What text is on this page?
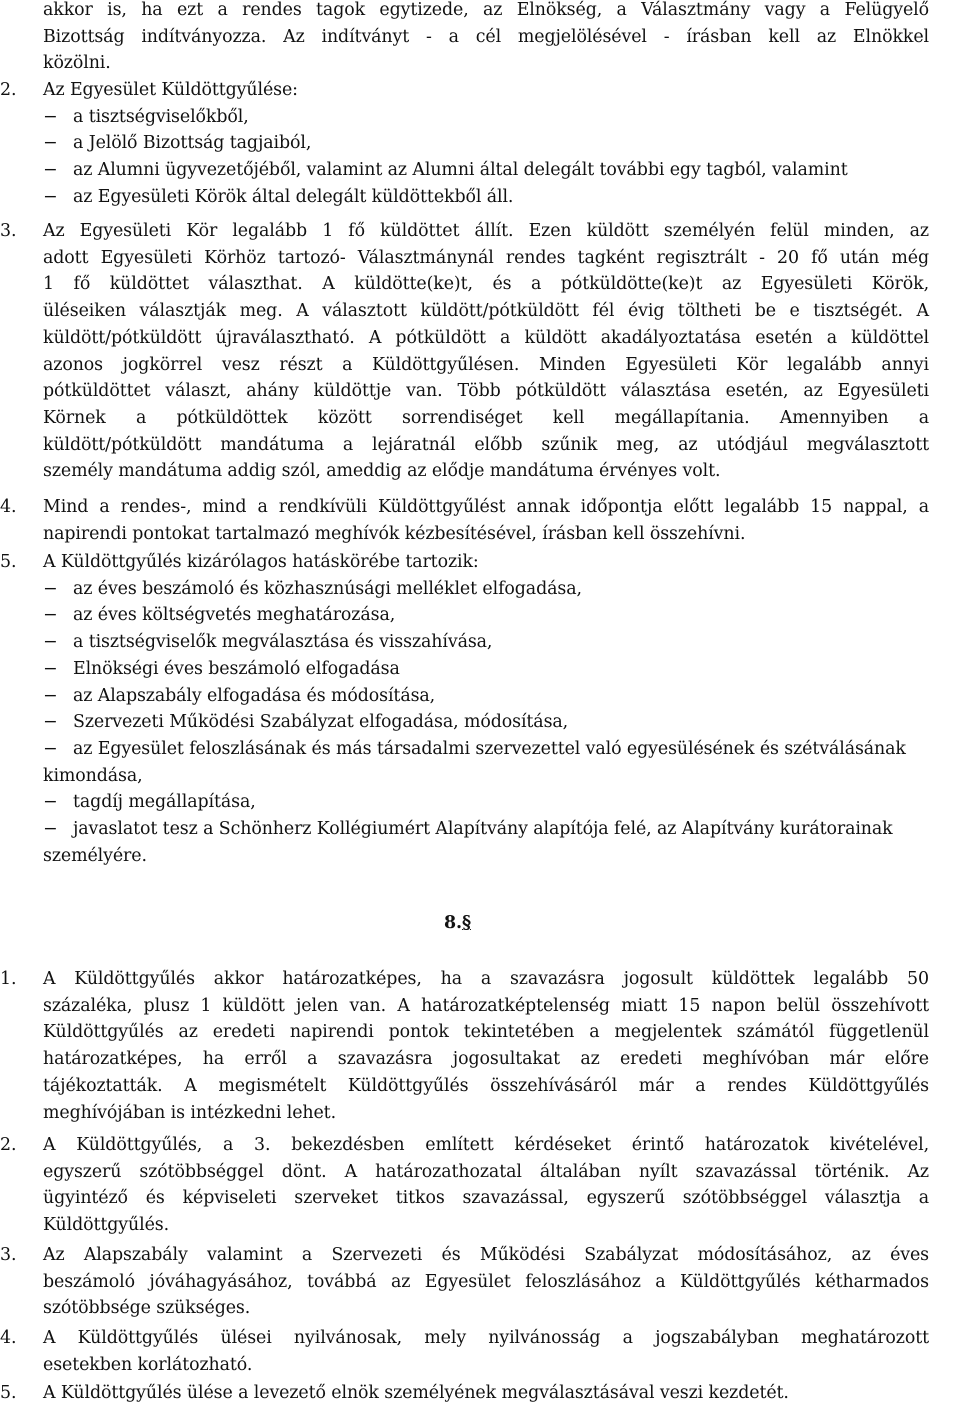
akkor is, ha ezt a rendes tagok egytizede, az Elnökség, a Választmány vagy a Felügyelő
Bizottság indítványozza. Az indítványt - a cél megjelölésével - írásban kell az Elnökkel
közölni.
2.	Az Egyesület Küldöttgyűlése:
− a tisztségviselőkből,
− a Jelölő Bizottság tagjaiból,
− az Alumni ügyvezetőjéből, valamint az Alumni által delegált további egy tagból, valamint
− az Egyesületi Körök által delegált küldöttekből áll.
3.	Az Egyesületi Kör legalább 1 fő küldöttet állít. Ezen küldött személyén felül minden, az
adott Egyesületi Körhöz tartozó- Választmánynál rendes tagként regisztrált - 20 fő után még
1 fő küldöttet választhat. A küldötte(ke)t, és a pótküldötte(ke)t az Egyesületi Körök,
üléseiken választják meg. A választott küldött/pótküldött fél évig töltheti be e tisztségét. A
küldött/pótküldött újraválasztható. A pótküldött a küldött akadályoztatása esetén a küldöttel
azonos jogkörrel vesz részt a Küldöttgyűlésen. Minden Egyesületi Kör legalább annyi
pótküldöttet választ, ahány küldöttje van. Több pótküldött választása esetén, az Egyesületi
Körnek a pótküldöttek között sorrendiséget kell megállapítania. Amennyiben a
küldött/pótküldött mandátuma a lejáratnál előbb szűnik meg, az utódjául megválasztott
személy mandátuma addig szól, ameddig az elődje mandátuma érvényes volt.
4.	Mind a rendes-, mind a rendkívüli Küldöttgyűlést annak időpontja előtt legalább 15 nappal, a
napirendi pontokat tartalmazó meghívók kézbesítésével, írásban kell összehívni.
5.	A Küldöttgyűlés kizárólagos hatáskörébe tartozik:
− az éves beszámoló és közhasznúsági melléklet elfogadása,
− az éves költségvetés meghatározása,
− a tisztségviselők megválasztása és visszahívása,
− Elnökségi éves beszámoló elfogadása
− az Alapszabály elfogadása és módosítása,
− Szervezeti Működési Szabályzat elfogadása, módosítása,
− az Egyesület feloszlásának és más társadalmi szervezettel való egyesülésének és szétválásának
kimondása,
− tagdíj megállapítása,
− javaslatot tesz a Schönherz Kollégiumért Alapítvány alapítója felé, az Alapítvány kurátorainak
személyére.
8.§
1.	A Küldöttgyűlés akkor határozatképes, ha a szavazásra jogosult küldöttek legalább 50
százaléka, plusz 1 küldött jelen van. A határozatképtelenség miatt 15 napon belül összehívott
Küldöttgyűlés az eredeti napirendi pontok tekintetében a megjelentek számától függetlenül
határozatképes, ha erről a szavazásra jogosultakat az eredeti meghívóban már előre
tájékoztatták. A megismételt Küldöttgyűlés összehívásáról már a rendes Küldöttgyűlés
meghívójában is intézkedni lehet.
2.	A Küldöttgyűlés, a 3. bekezdésben említett kérdéseket érintő határozatok kivételével,
egyszerű szótöbbséggel dönt. A határozathozatal általában nyílt szavazással történik. Az
ügyintéző és képviseleti szerveket titkos szavazással, egyszerű szótöbbséggel választja a
Küldöttgyűlés.
3.	Az Alapszabály valamint a Szervezeti és Működési Szabályzat módosításához, az éves
beszámoló jóváhagyásához, továbbá az Egyesület feloszlásához a Küldöttgyűlés kétharmados
szótöbbsége szükséges.
4.	A Küldöttgyűlés ülései nyilvánosak, mely nyilvánosság a jogszabályban meghatározott
esetekben korlátozható.
5.	A Küldöttgyűlés ülése a levezető elnök személyének megválasztásával veszi kezdetét.
